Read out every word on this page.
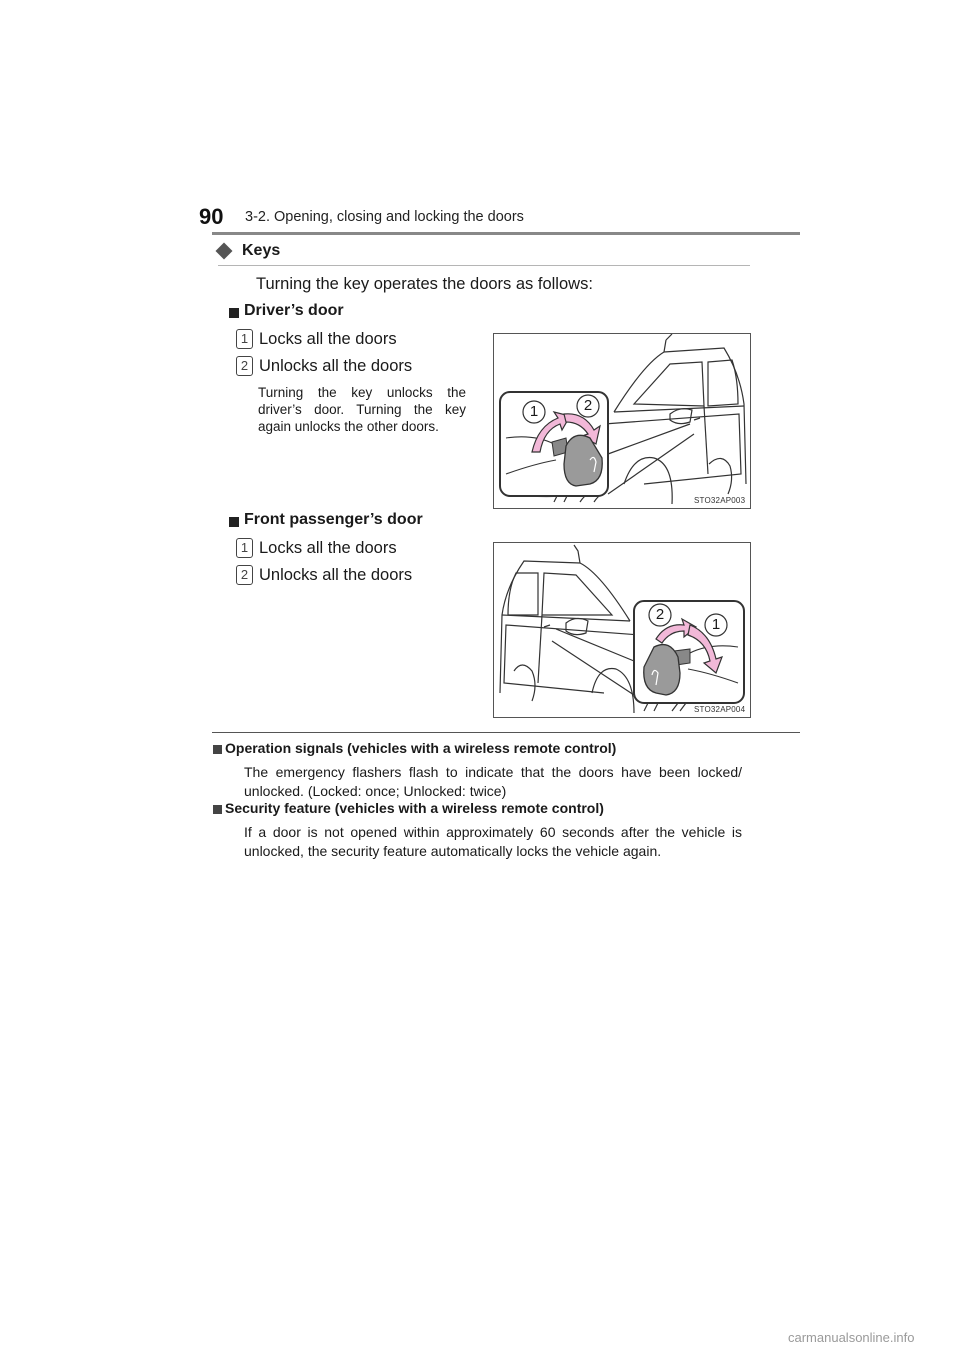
90 3-2. Opening, closing and locking the doors
Keys
Turning the key operates the doors as follows:
Driver’s door
1 Locks all the doors
2 Unlocks all the doors
Turning the key unlocks the driver’s door. Turning the key again unlocks the other doors.
1	2
STO32AP003
Front passenger’s door
1 Locks all the doors
2 Unlocks all the doors
2
1
STO32AP004
Operation signals (vehicles with a wireless remote control)
The emergency flashers flash to indicate that the doors have been locked/ unlocked. (Locked: once; Unlocked: twice)
Security feature (vehicles with a wireless remote control)
If a door is not opened within approximately 60 seconds after the vehicle is unlocked, the security feature automatically locks the vehicle again.
carmanualsonline.info
